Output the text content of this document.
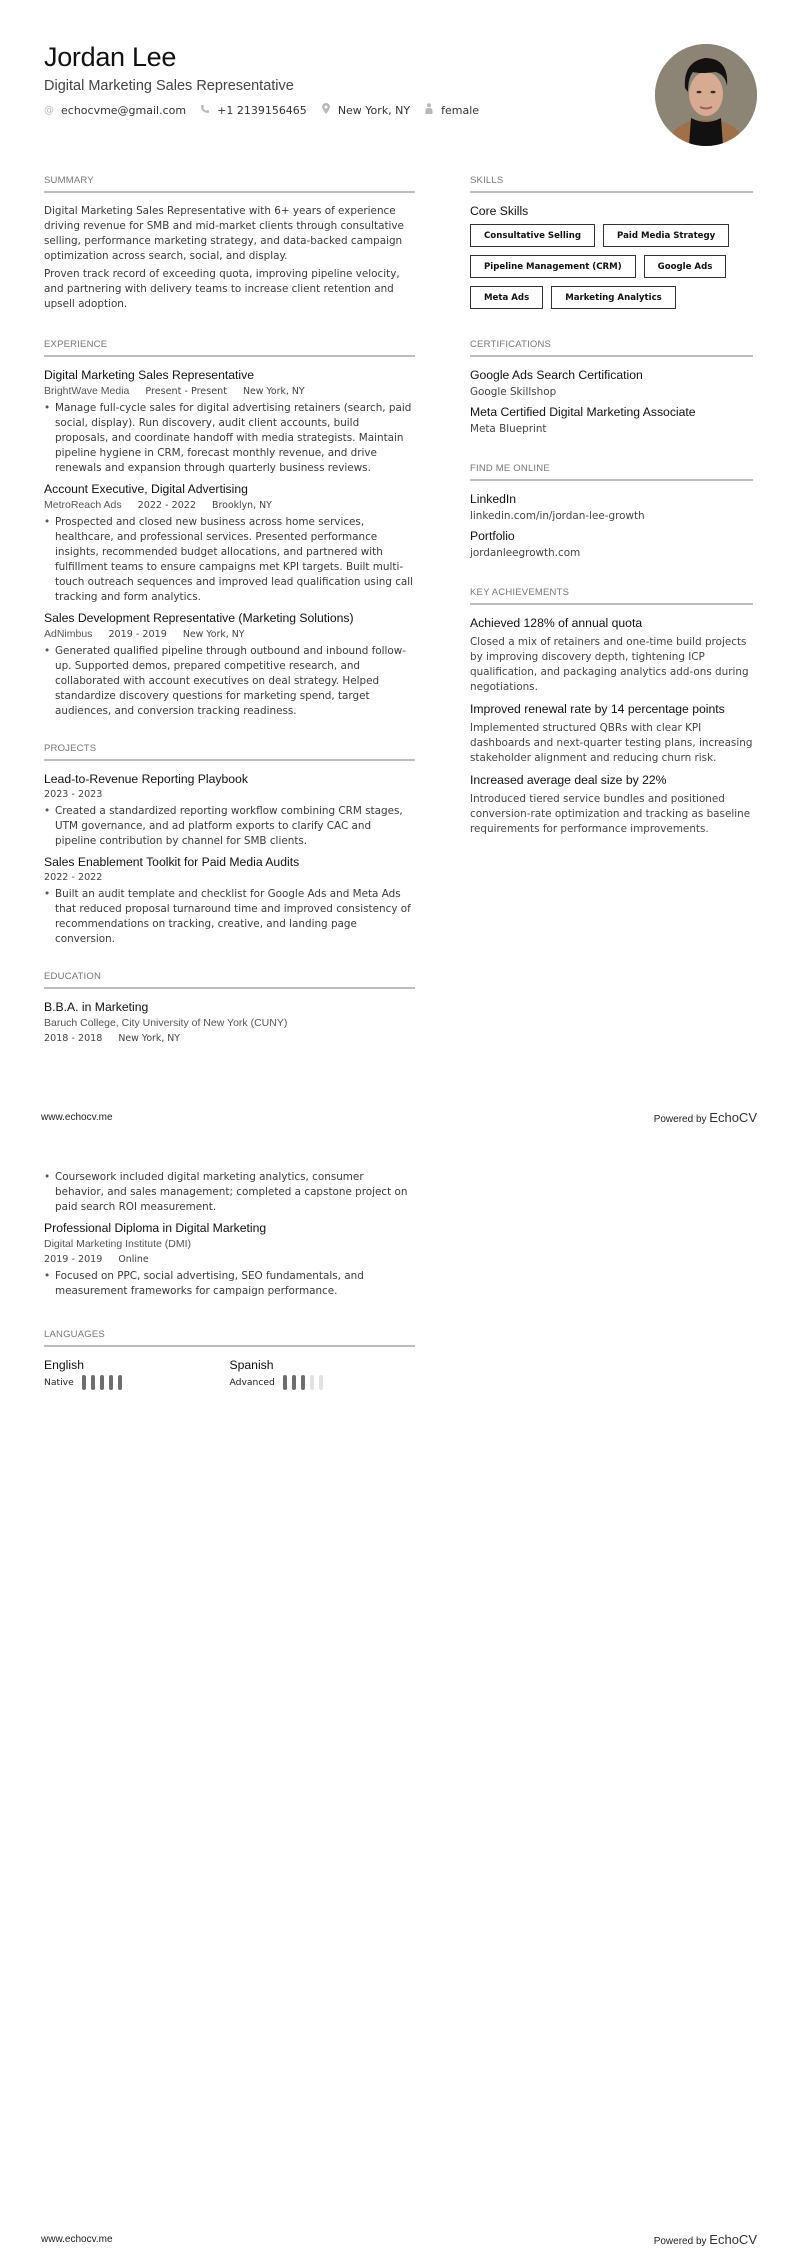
Jordan Lee
Digital Marketing Sales Representative
@ echocvme@gmail.com	+1 2139156465	New York, NY	female
SUMMARY

Digital Marketing Sales Representative with 6+ years of experience driving revenue for SMB and mid-market clients through consultative selling, performance marketing strategy, and data-backed campaign optimization across search, social, and display.

Proven track record of exceeding quota, improving pipeline velocity, and partnering with delivery teams to increase client retention and upsell adoption.

EXPERIENCE
Digital Marketing Sales Representative
BrightWave Media Present - Present New York, NY
• Manage full-cycle sales for digital advertising retainers (search, paid social, display). Run discovery, audit client accounts, build proposals, and coordinate handoff with media strategists. Maintain pipeline hygiene in CRM, forecast monthly revenue, and drive renewals and expansion through quarterly business reviews.
Account Executive, Digital Advertising
MetroReach Ads 2022 - 2022 Brooklyn, NY
• Prospected and closed new business across home services, healthcare, and professional services. Presented performance insights, recommended budget allocations, and partnered with fulfillment teams to ensure campaigns met KPI targets. Built multi-touch outreach sequences and improved lead qualification using call tracking and form analytics.
Sales Development Representative (Marketing Solutions)
AdNimbus 2019 - 2019 New York, NY
• Generated qualified pipeline through outbound and inbound follow-up. Supported demos, prepared competitive research, and collaborated with account executives on deal strategy. Helped standardize discovery questions for marketing spend, target audiences, and conversion tracking readiness.
PROJECTS
Lead-to-Revenue Reporting Playbook
2023 - 2023
• Created a standardized reporting workflow combining CRM stages, UTM governance, and ad platform exports to clarify CAC and pipeline contribution by channel for SMB clients.
Sales Enablement Toolkit for Paid Media Audits
2022 - 2022
• Built an audit template and checklist for Google Ads and Meta Ads that reduced proposal turnaround time and improved consistency of recommendations on tracking, creative, and landing page conversion.
EDUCATION
B.B.A. in Marketing
Baruch College, City University of New York (CUNY)
2018 - 2018 New York, NY
SKILLS
Core Skills
Consultative Selling	Paid Media Strategy
Pipeline Management (CRM)	Google Ads
Meta Ads	Marketing Analytics
CERTIFICATIONS
Google Ads Search Certification
Google Skillshop
Meta Certified Digital Marketing Associate
Meta Blueprint
FIND ME ONLINE
LinkedIn
linkedin.com/in/jordan-lee-growth
Portfolio
jordanleegrowth.com
KEY ACHIEVEMENTS
Achieved 128% of annual quota
Closed a mix of retainers and one-time build projects by improving discovery depth, tightening ICP qualification, and packaging analytics add-ons during negotiations.
Improved renewal rate by 14 percentage points
Implemented structured QBRs with clear KPI dashboards and next-quarter testing plans, increasing stakeholder alignment and reducing churn risk.
Increased average deal size by 22%
Introduced tiered service bundles and positioned conversion-rate optimization and tracking as baseline requirements for performance improvements.
www.echocv.me	Powered by EchoCV
• Coursework included digital marketing analytics, consumer behavior, and sales management; completed a capstone project on paid search ROI measurement.
Professional Diploma in Digital Marketing
Digital Marketing Institute (DMI)
2019 - 2019 Online
• Focused on PPC, social advertising, SEO fundamentals, and measurement frameworks for campaign performance.
LANGUAGES
English
Native
Spanish
Advanced
www.echocv.me	Powered by EchoCV
